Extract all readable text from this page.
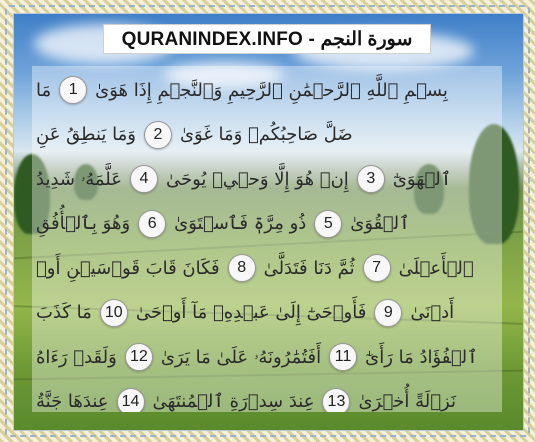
QURANINDEX.INFO - سورة النجم
بِسۡمِ ٱللَّهِ ٱلرَّحۡمَٰنِ ٱلرَّحِيمِ وَٱلنَّجۡمِ إِذَا هَوَىٰ
1
مَا
ضَلَّ صَاحِبُكُمۡ وَمَا غَوَىٰ
2
وَمَا يَنطِقُ عَنِ
ٱلۡهَوَىٰٓ
3
إِنۡ هُوَ إِلَّا وَحۡيٞ يُوحَىٰ
4
عَلَّمَهُۥ شَدِيدُ
ٱلۡقُوَىٰ
5
ذُو مِرَّةٖ فَٱسۡتَوَىٰ
6
وَهُوَ بِٱلۡأُفُقِ
ٱلۡأَعۡلَىٰ
7
ثُمَّ دَنَا فَتَدَلَّىٰ
8
فَكَانَ قَابَ قَوۡسَيۡنِ أَوۡ
أَدۡنَىٰ
9
فَأَوۡحَىٰٓ إِلَىٰ عَبۡدِهِۦ مَآ أَوۡحَىٰ
10
مَا كَذَبَ
ٱلۡفُؤَادُ مَا رَأَىٰٓ
11
أَفَتُمَٰرُونَهُۥ عَلَىٰ مَا يَرَىٰ
12
وَلَقَدۡ رَءَاهُ
نَزۡلَةً أُخۡرَىٰ
13
عِندَ سِدۡرَةِ ٱلۡمُنتَهَىٰ
14
عِندَهَا جَنَّةُ
